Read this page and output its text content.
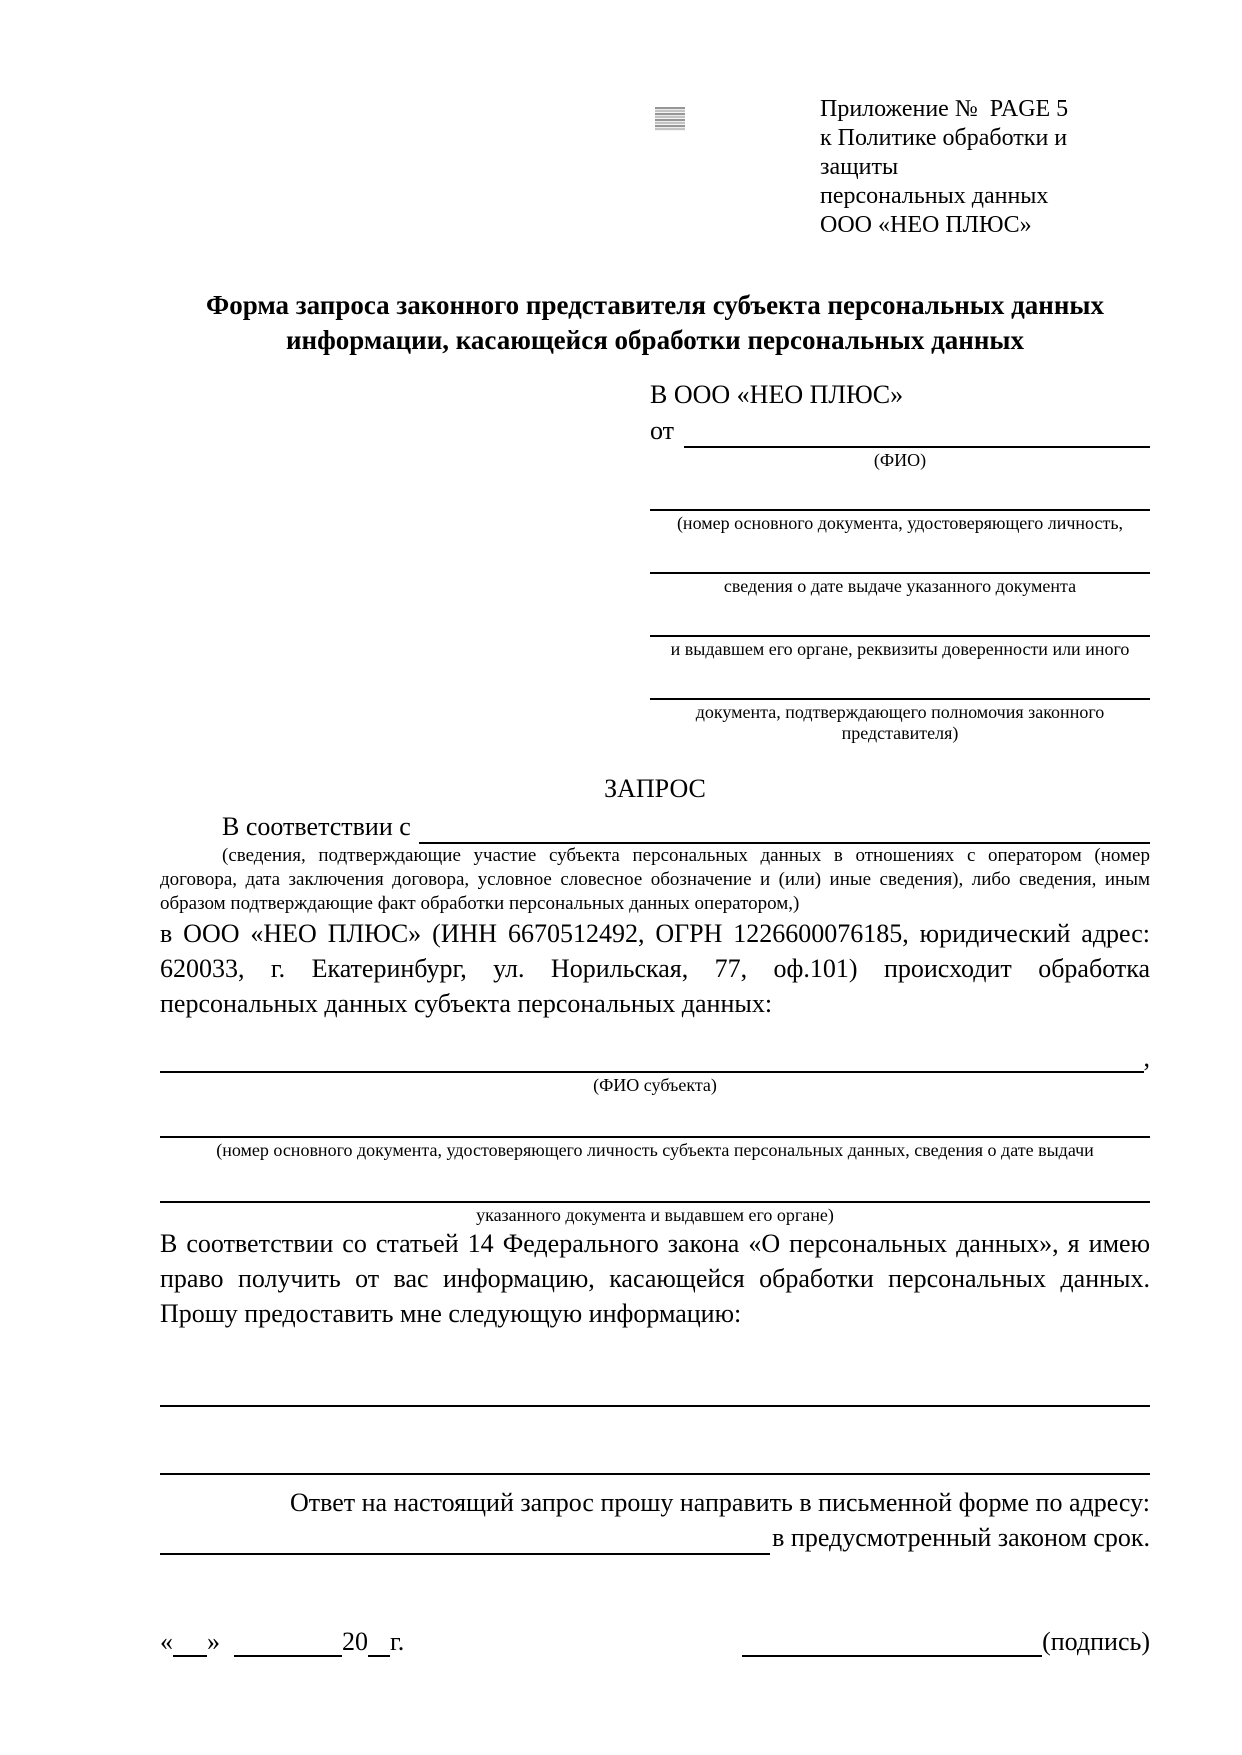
Приложение №  PAGE 5
к Политике обработки и защиты
персональных данных
ООО «НЕО ПЛЮС»
Форма запроса законного представителя субъекта персональных данных информации, касающейся обработки персональных данных
В ООО «НЕО ПЛЮС»
от
(ФИО)
(номер основного документа, удостоверяющего личность,
сведения о дате выдаче указанного документа
и выдавшем его органе, реквизиты доверенности или иного
документа, подтверждающего полномочия законного представителя)
ЗАПРОС
В соответствии с
(сведения, подтверждающие участие субъекта персональных данных в отношениях с оператором (номер договора, дата заключения договора, условное словесное обозначение и (или) иные сведения), либо сведения, иным образом подтверждающие факт обработки персональных данных оператором,)
в ООО «НЕО ПЛЮС» (ИНН 6670512492, ОГРН 1226600076185, юридический адрес: 620033, г. Екатеринбург, ул. Норильская, 77, оф.101) происходит обработка персональных данных субъекта персональных данных:
,
(ФИО субъекта)
(номер основного документа, удостоверяющего личность субъекта персональных данных, сведения о дате выдачи
указанного документа и выдавшем его органе)
В соответствии со статьей 14 Федерального закона «О персональных данных», я имею право получить от вас информацию, касающейся обработки персональных данных. Прошу предоставить мне следующую информацию:
Ответ на настоящий запрос прошу направить в письменной форме по адресу:
в предусмотренный законом срок.
« »	20 г.	(подпись)
